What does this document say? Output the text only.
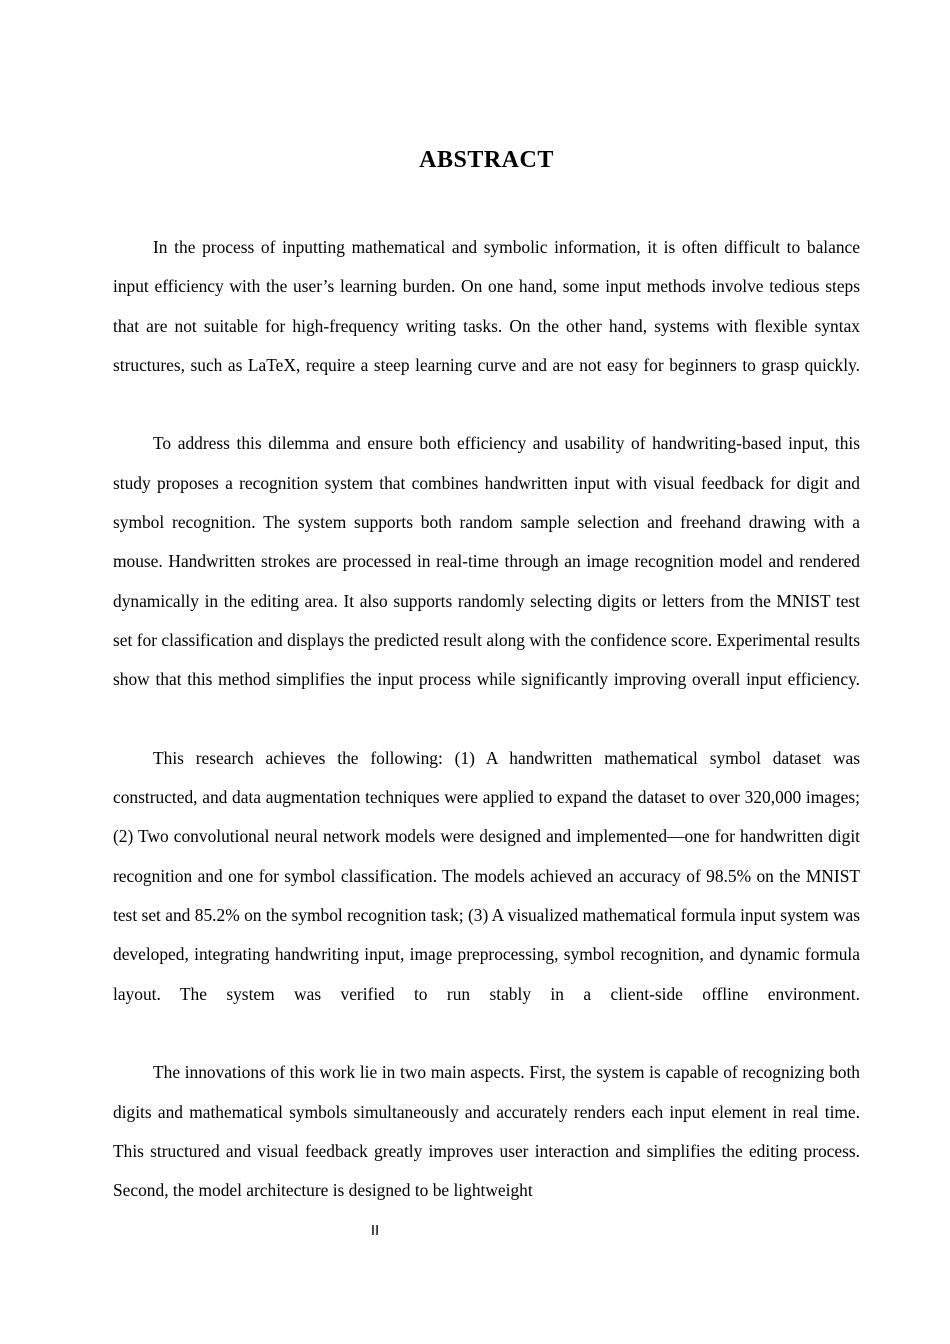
ABSTRACT

In the process of inputting mathematical and symbolic information, it is often difficult to balance input efficiency with the user’s learning burden. On one hand, some input methods involve tedious steps that are not suitable for high-frequency writing tasks. On the other hand, systems with flexible syntax structures, such as LaTeX, require a steep learning curve and are not easy for beginners to grasp quickly.

To address this dilemma and ensure both efficiency and usability of handwriting-based input, this study proposes a recognition system that combines handwritten input with visual feedback for digit and symbol recognition. The system supports both random sample selection and freehand drawing with a mouse. Handwritten strokes are processed in real-time through an image recognition model and rendered dynamically in the editing area. It also supports randomly selecting digits or letters from the MNIST test set for classification and displays the predicted result along with the confidence score. Experimental results show that this method simplifies the input process while significantly improving overall input efficiency.

This research achieves the following: (1) A handwritten mathematical symbol dataset was constructed, and data augmentation techniques were applied to expand the dataset to over 320,000 images; (2) Two convolutional neural network models were designed and implemented—one for handwritten digit recognition and one for symbol classification. The models achieved an accuracy of 98.5% on the MNIST test set and 85.2% on the symbol recognition task; (3) A visualized mathematical formula input system was developed, integrating handwriting input, image preprocessing, symbol recognition, and dynamic formula layout. The system was verified to run stably in a client-side offline environment.

The innovations of this work lie in two main aspects. First, the system is capable of recognizing both digits and mathematical symbols simultaneously and accurately renders each input element in real time. This structured and visual feedback greatly improves user interaction and simplifies the editing process. Second, the model architecture is designed to be lightweight

II
